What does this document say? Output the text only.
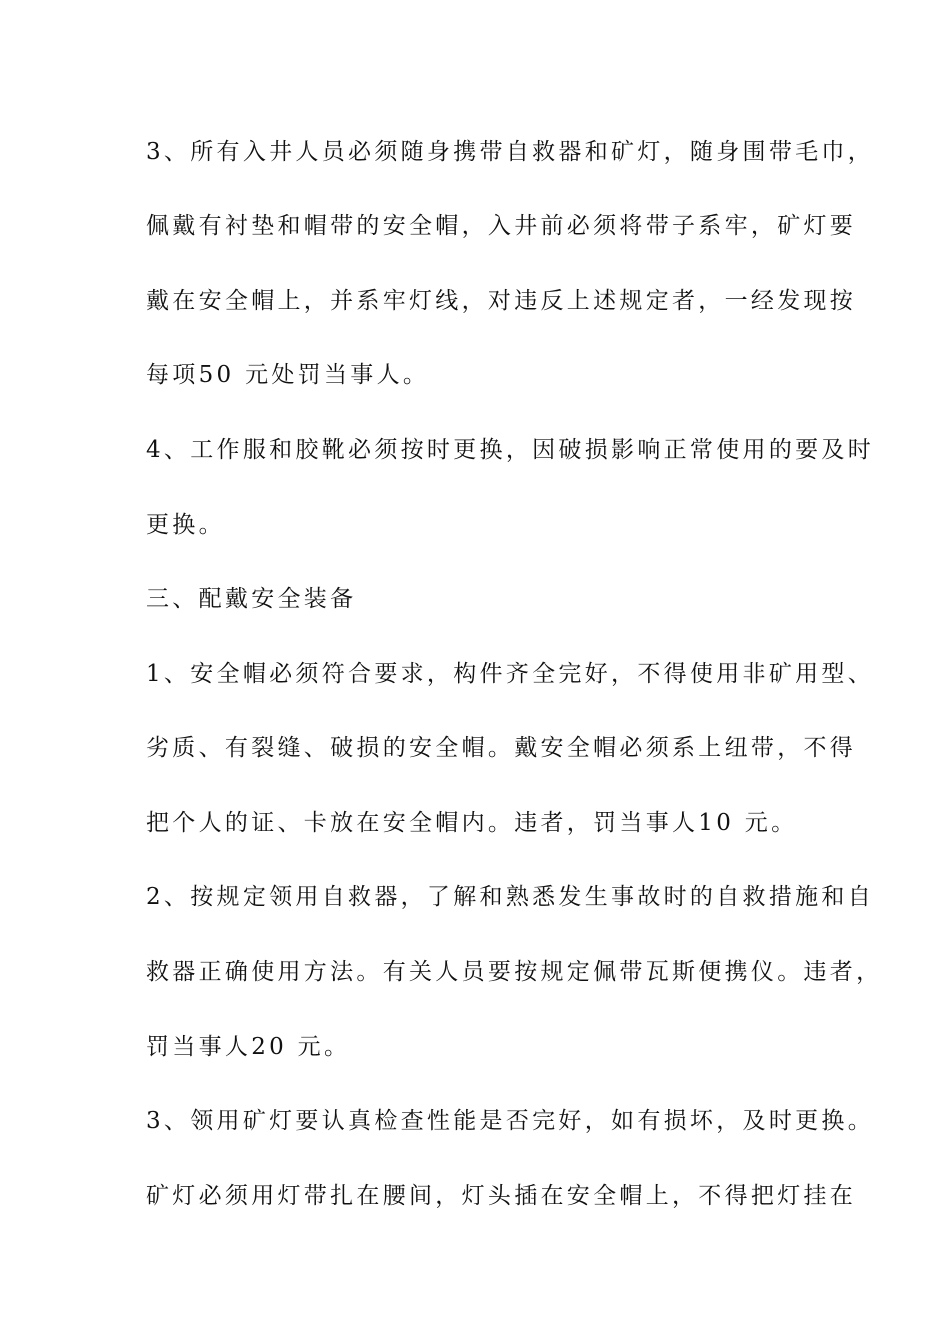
3、所有入井人员必须随身携带自救器和矿灯，随身围带毛巾，
佩戴有衬垫和帽带的安全帽，入井前必须将带子系牢，矿灯要
戴在安全帽上，并系牢灯线，对违反上述规定者，一经发现按
每项50 元处罚当事人。
4、工作服和胶靴必须按时更换，因破损影响正常使用的要及时
更换。
三、配戴安全装备
1、安全帽必须符合要求，构件齐全完好，不得使用非矿用型、
劣质、有裂缝、破损的安全帽。戴安全帽必须系上纽带，不得
把个人的证、卡放在安全帽内。违者，罚当事人10 元。
2、按规定领用自救器，了解和熟悉发生事故时的自救措施和自
救器正确使用方法。有关人员要按规定佩带瓦斯便携仪。违者，
罚当事人20 元。
3、领用矿灯要认真检查性能是否完好，如有损坏，及时更换。
矿灯必须用灯带扎在腰间，灯头插在安全帽上，不得把灯挂在
